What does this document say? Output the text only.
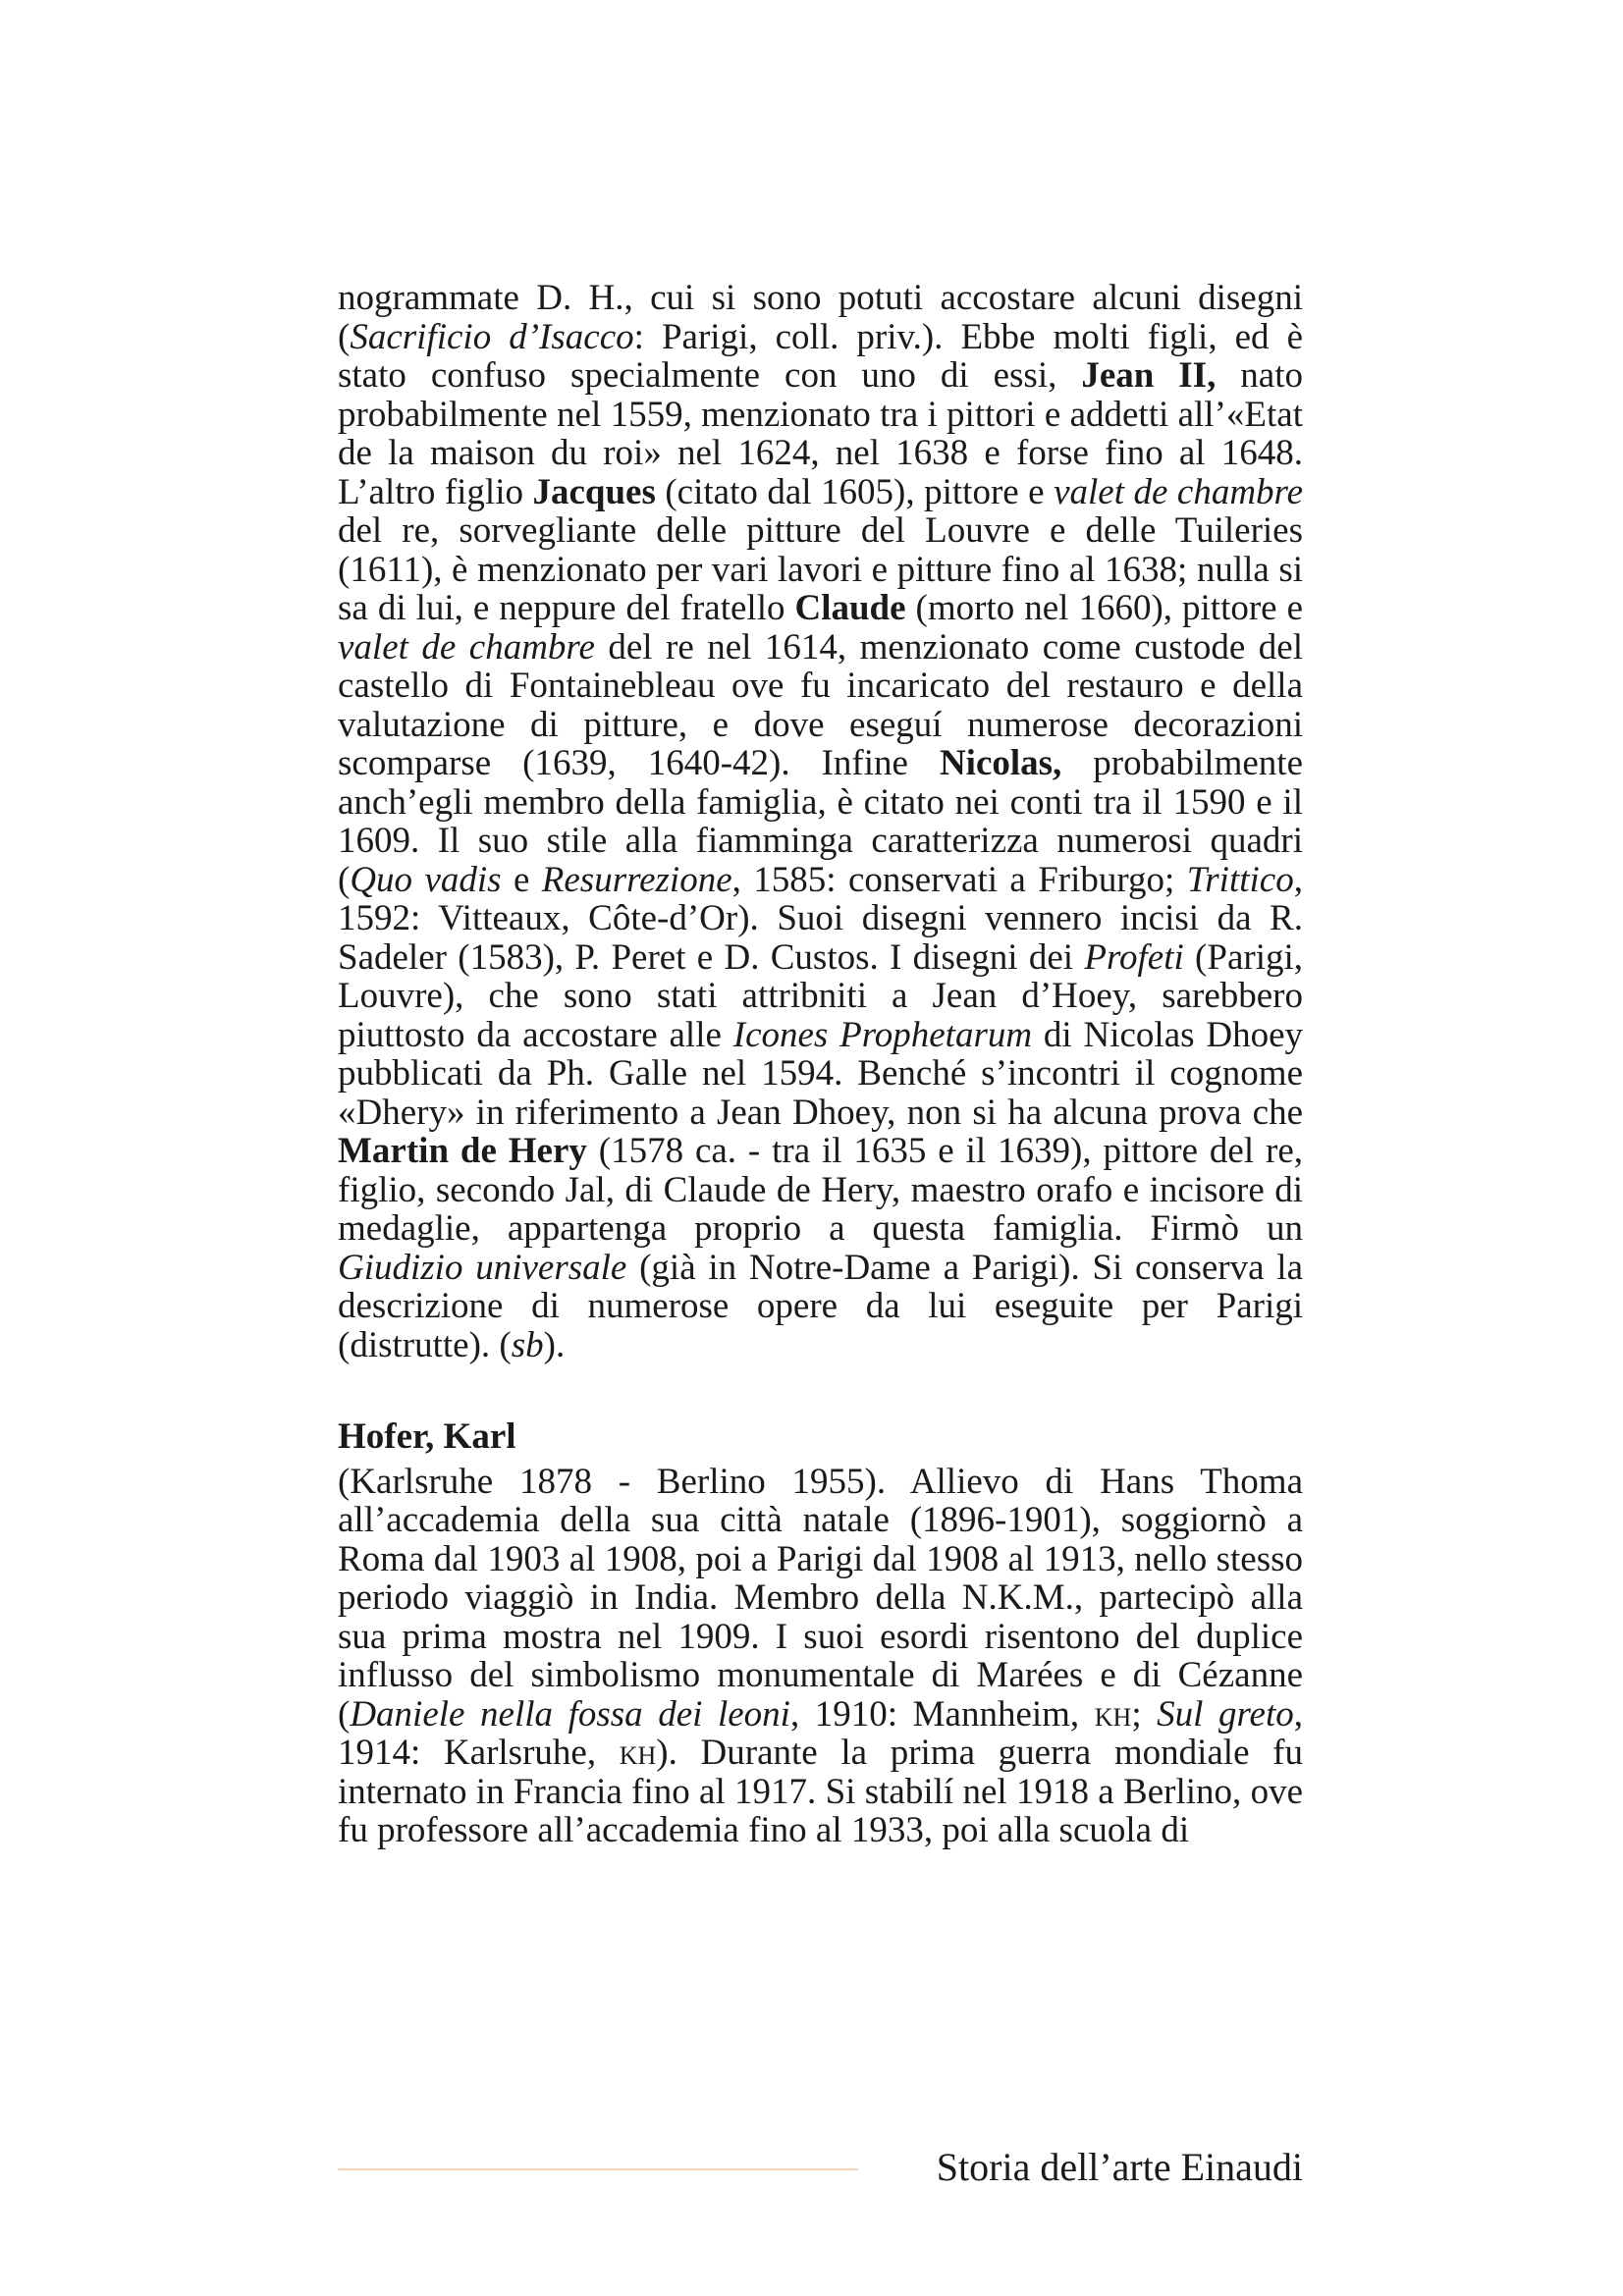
nogrammate D. H., cui si sono potuti accostare alcuni disegni (Sacrificio d’Isacco: Parigi, coll. priv.). Ebbe molti figli, ed è stato confuso specialmente con uno di essi, Jean II, nato probabilmente nel 1559, menzionato tra i pittori e addetti all’«Etat de la maison du roi» nel 1624, nel 1638 e forse fino al 1648. L’altro figlio Jacques (citato dal 1605), pittore e valet de chambre del re, sorvegliante delle pitture del Louvre e delle Tuileries (1611), è menzionato per vari lavori e pitture fino al 1638; nulla si sa di lui, e neppure del fratello Claude (morto nel 1660), pittore e valet de chambre del re nel 1614, menzionato come custode del castello di Fontainebleau ove fu incaricato del restauro e della valutazione di pitture, e dove eseguí numerose decorazioni scomparse (1639, 1640-42). Infine Nicolas, probabilmente anch’egli membro della famiglia, è citato nei conti tra il 1590 e il 1609. Il suo stile alla fiamminga caratterizza numerosi quadri (Quo vadis e Resurrezione, 1585: conservati a Friburgo; Trittico, 1592: Vitteaux, Côte-d’Or). Suoi disegni vennero incisi da R. Sadeler (1583), P. Peret e D. Custos. I disegni dei Profeti (Parigi, Louvre), che sono stati attribniti a Jean d’Hoey, sarebbero piuttosto da accostare alle Icones Prophetarum di Nicolas Dhoey pubblicati da Ph. Galle nel 1594. Benché s’incontri il cognome «Dhery» in riferimento a Jean Dhoey, non si ha alcuna prova che Martin de Hery (1578 ca. - tra il 1635 e il 1639), pittore del re, figlio, secondo Jal, di Claude de Hery, maestro orafo e incisore di medaglie, appartenga proprio a questa famiglia. Firmò un Giudizio universale (già in Notre-Dame a Parigi). Si conserva la descrizione di numerose opere da lui eseguite per Parigi (distrutte). (sb).

Hofer, Karl

(Karlsruhe 1878 - Berlino 1955). Allievo di Hans Thoma all’accademia della sua città natale (1896-1901), soggiornò a Roma dal 1903 al 1908, poi a Parigi dal 1908 al 1913, nello stesso periodo viaggiò in India. Membro della N.K.M., partecipò alla sua prima mostra nel 1909. I suoi esordi risentono del duplice influsso del simbolismo monumentale di Marées e di Cézanne (Daniele nella fossa dei leoni, 1910: Mannheim, kh; Sul greto, 1914: Karlsruhe, kh). Durante la prima guerra mondiale fu internato in Francia fino al 1917. Si stabilí nel 1918 a Berlino, ove fu professore all’accademia fino al 1933, poi alla scuola di

Storia dell’arte Einaudi
